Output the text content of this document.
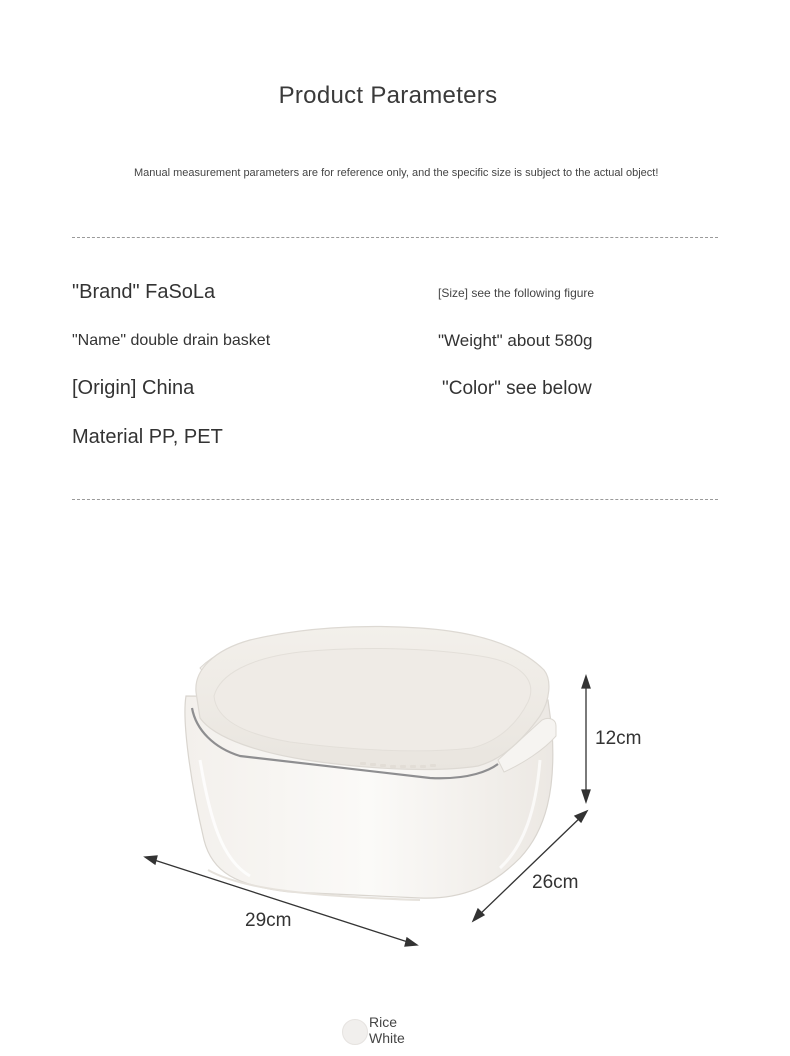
Product Parameters
Manual measurement parameters are for reference only, and the specific size is subject to the actual object!
"Brand" FaSoLa	[Size] see the following figure
"Name" double drain basket	"Weight" about 580g
[Origin] China	"Color" see below
Material PP, PET
12cm
26cm
29cm
Rice
White
